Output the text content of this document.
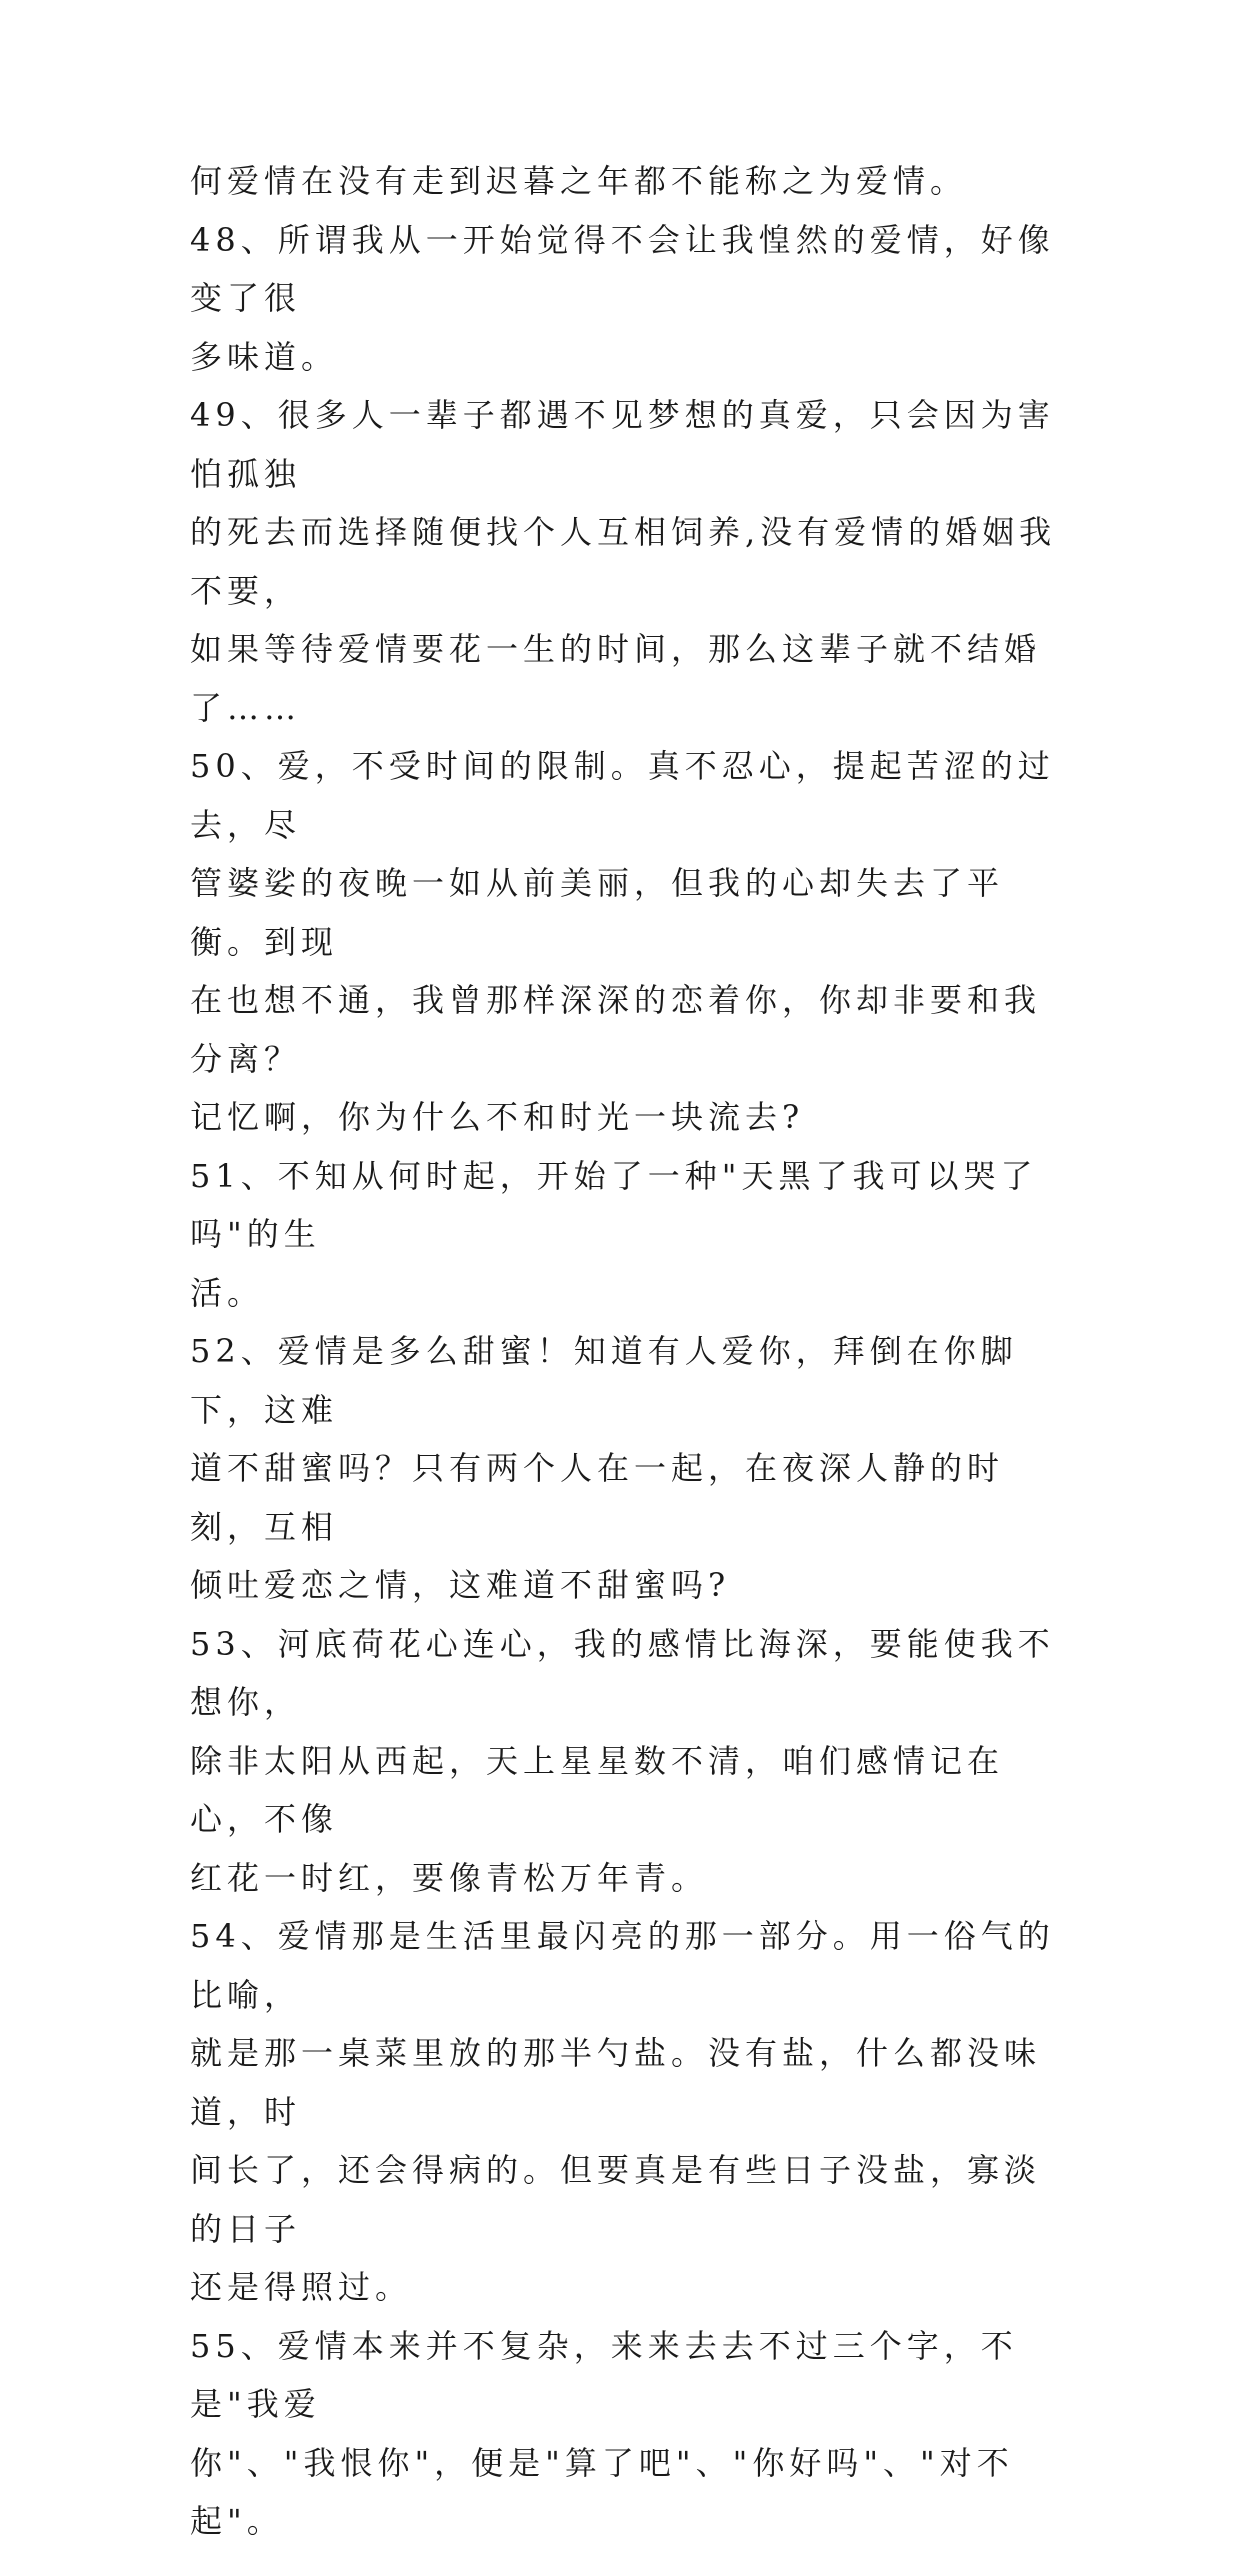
何爱情在没有走到迟暮之年都不能称之为爱情。
48、所谓我从一开始觉得不会让我惶然的爱情，好像变了很
多味道。
49、很多人一辈子都遇不见梦想的真爱，只会因为害怕孤独
的死去而选择随便找个人互相饲养,没有爱情的婚姻我不要，
如果等待爱情要花一生的时间，那么这辈子就不结婚了……
50、爱，不受时间的限制。真不忍心，提起苦涩的过去，尽
管婆娑的夜晚一如从前美丽，但我的心却失去了平衡。到现
在也想不通，我曾那样深深的恋着你，你却非要和我分离？
记忆啊，你为什么不和时光一块流去?
51、不知从何时起，开始了一种"天黑了我可以哭了吗"的生
活。
52、爱情是多么甜蜜！知道有人爱你，拜倒在你脚下，这难
道不甜蜜吗？只有两个人在一起，在夜深人静的时刻，互相
倾吐爱恋之情，这难道不甜蜜吗?
53、河底荷花心连心，我的感情比海深，要能使我不想你，
除非太阳从西起，天上星星数不清，咱们感情记在心，不像
红花一时红，要像青松万年青。
54、爱情那是生活里最闪亮的那一部分。用一俗气的比喻，
就是那一桌菜里放的那半勺盐。没有盐，什么都没味道，时
间长了，还会得病的。但要真是有些日子没盐，寡淡的日子
还是得照过。
55、爱情本来并不复杂，来来去去不过三个字，不是"我爱
你"、"我恨你"，便是"算了吧"、"你好吗"、"对不起"。
